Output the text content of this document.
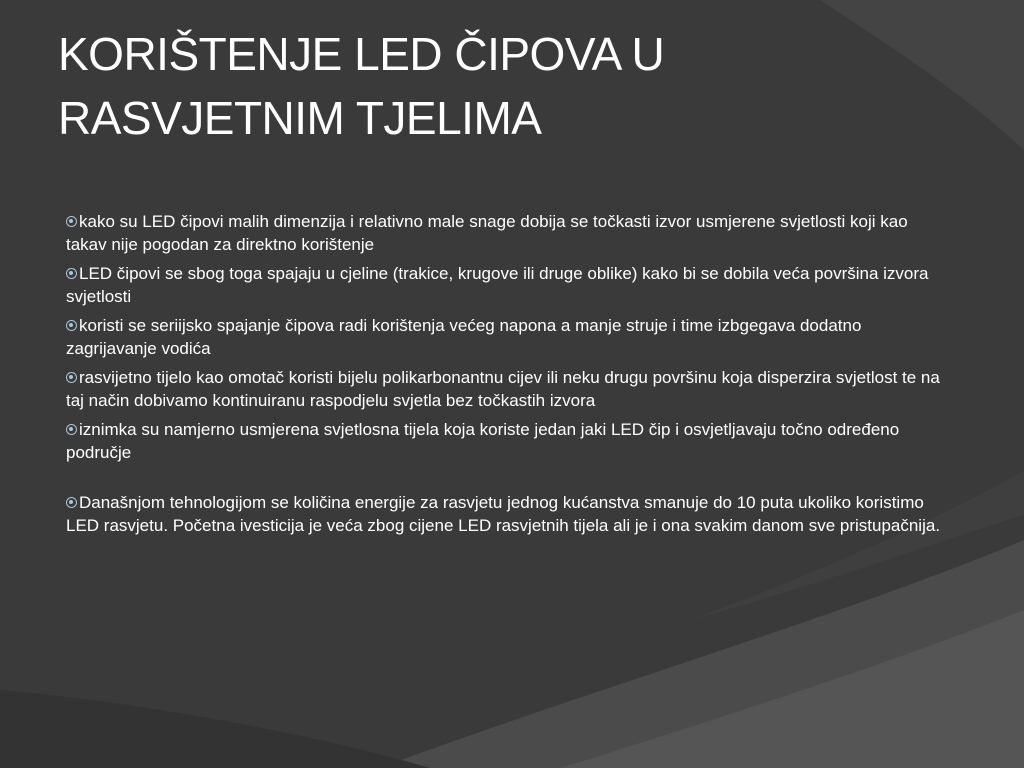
KORIŠTENJE LED ČIPOVA U
RASVJETNIM TJELIMA

kako su LED čipovi malih dimenzija i relativno male snage dobija se točkasti izvor usmjerene svjetlosti koji kao takav nije pogodan za direktno korištenje

LED čipovi se sbog toga spajaju u cjeline (trakice, krugove ili druge oblike) kako bi se dobila veća površina izvora svjetlosti

koristi se seriijsko spajanje čipova radi korištenja većeg napona a manje struje i time izbgegava dodatno zagrijavanje vodića

rasvijetno tijelo kao omotač koristi bijelu polikarbonantnu cijev ili neku drugu površinu koja disperzira svjetlost te na taj način dobivamo kontinuiranu raspodjelu svjetla bez točkastih izvora

iznimka su namjerno usmjerena svjetlosna tijela koja koriste jedan jaki LED čip i osvjetljavaju točno određeno područje

Današnjom tehnologijom se količina energije za rasvjetu jednog kućanstva smanuje do 10 puta ukoliko koristimo LED rasvjetu. Početna ivesticija je veća zbog cijene LED rasvjetnih tijela ali je i ona svakim danom sve pristupačnija.
